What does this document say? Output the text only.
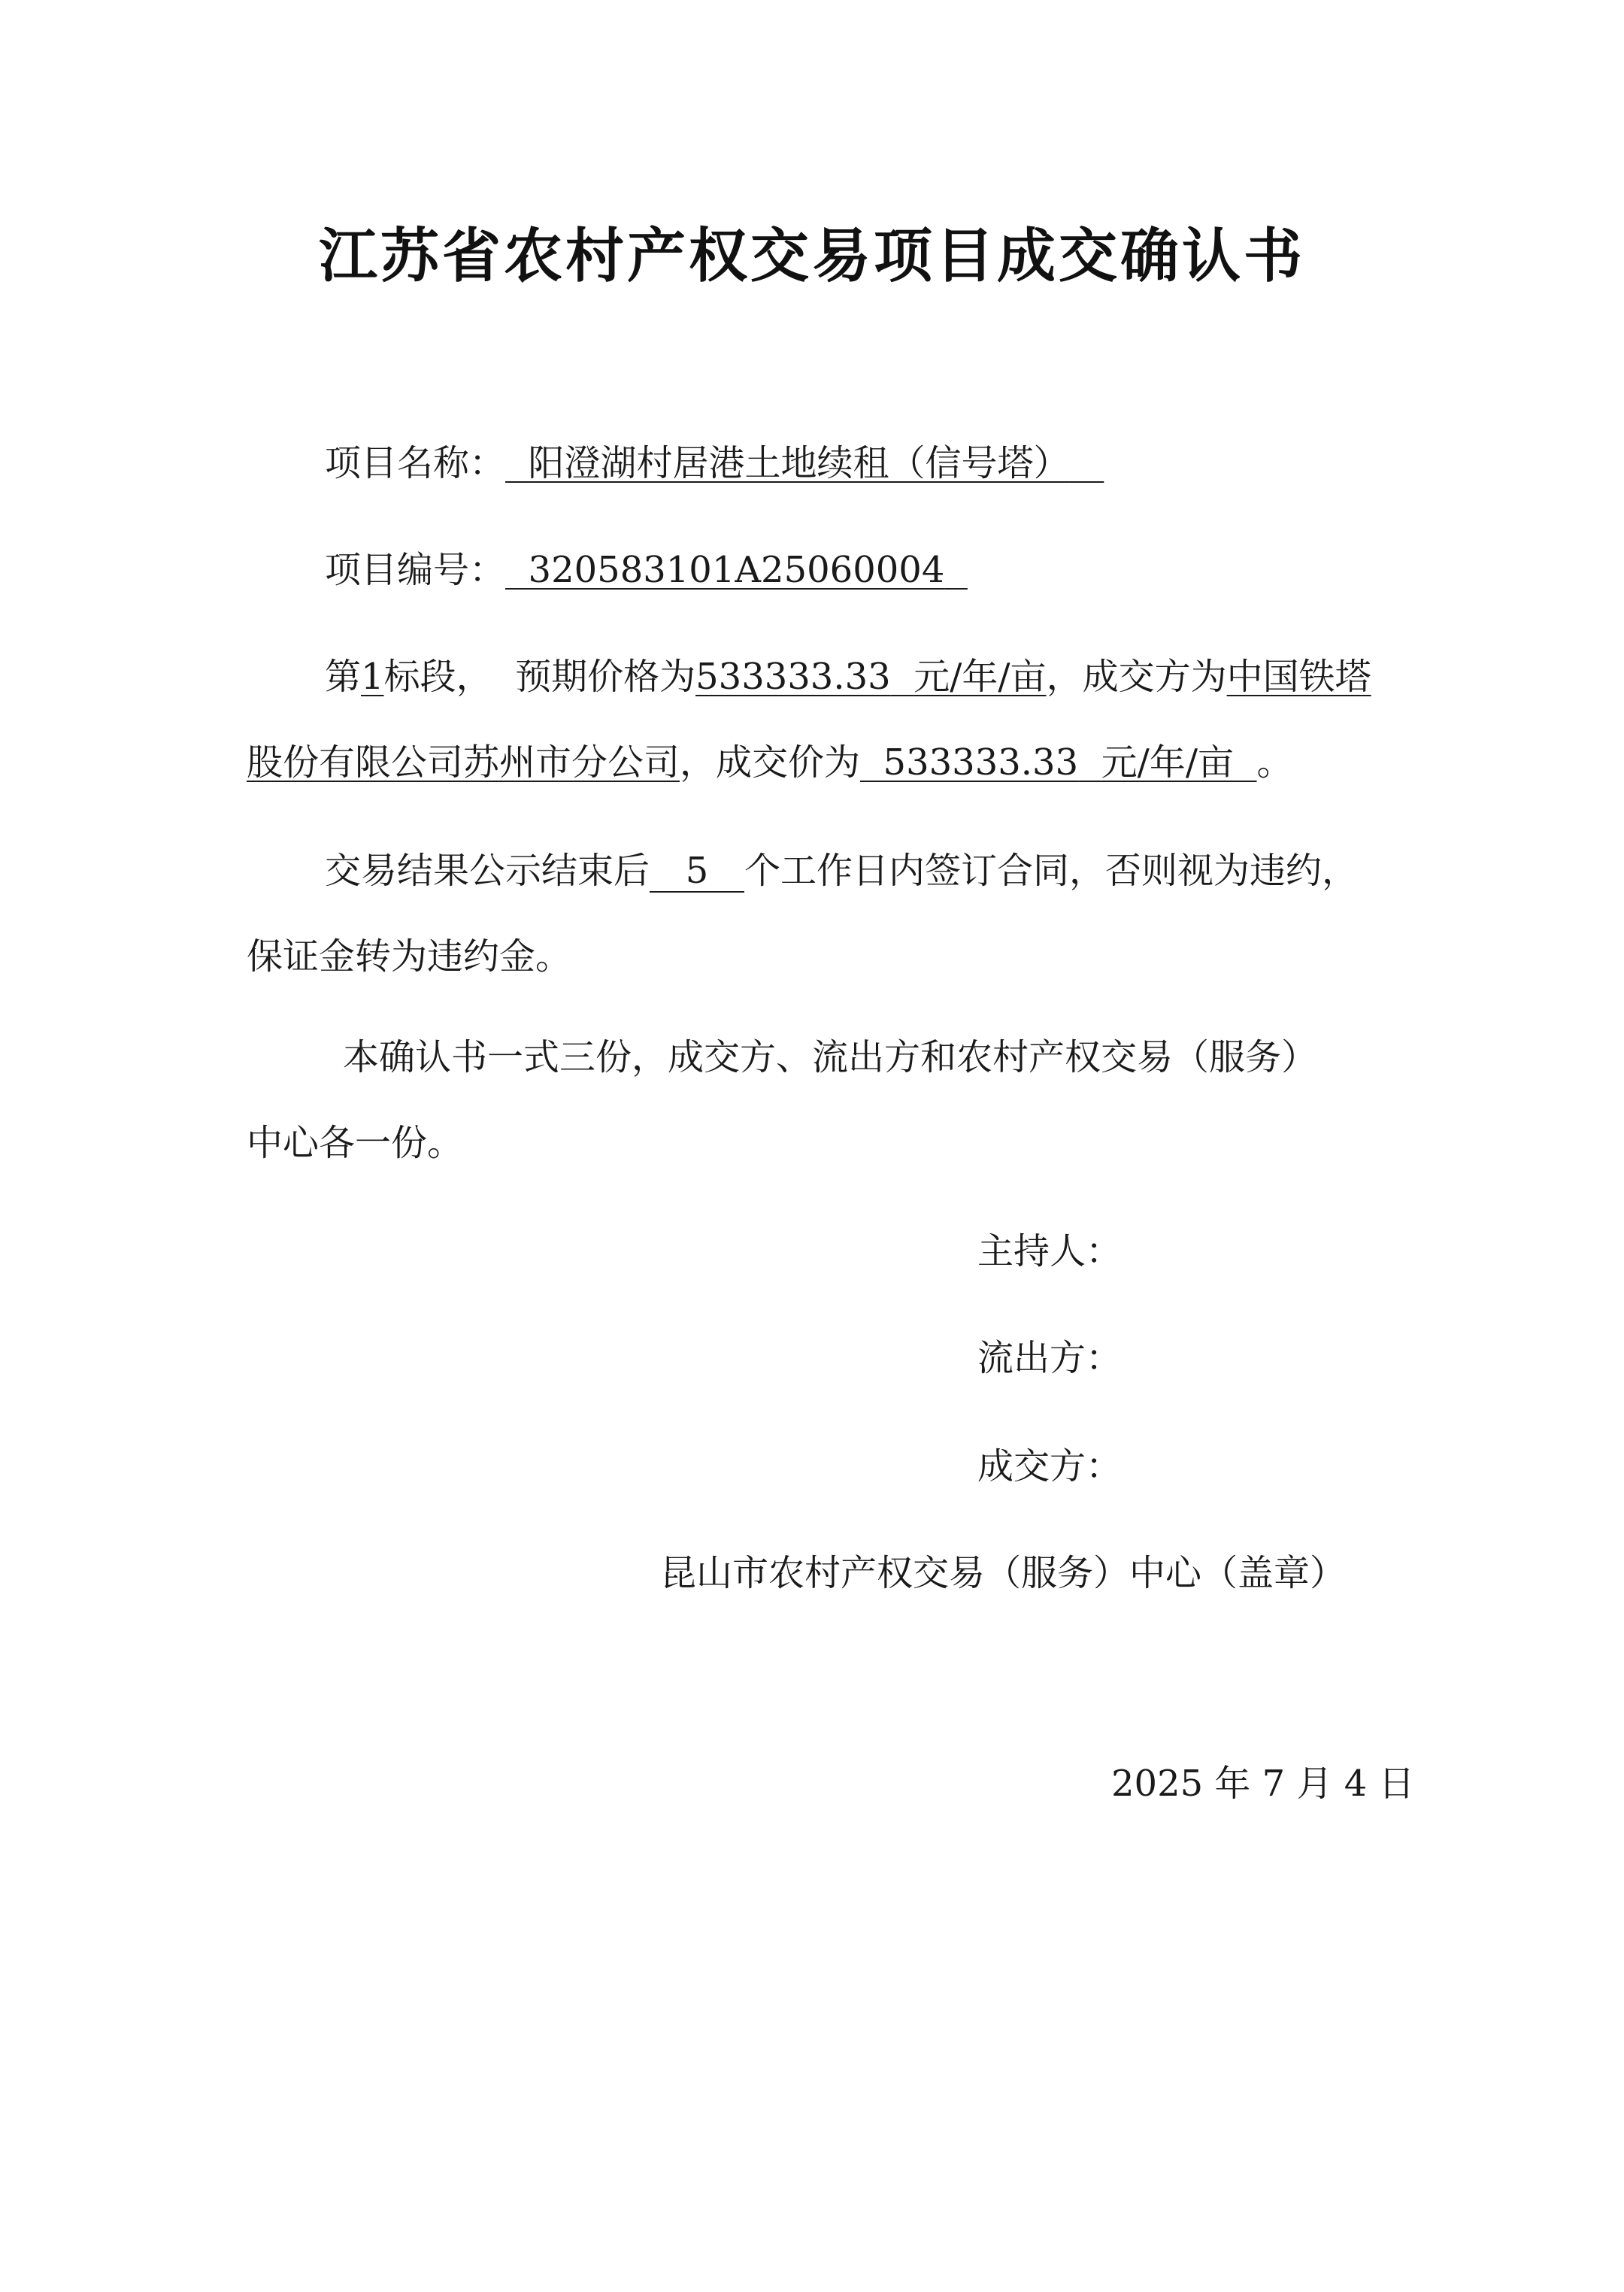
江苏省农村产权交易项目成交确认书
项目名称： 阳澄湖村居港土地续租（信号塔）
项目编号： 320583101A25060004
第1标段， 预期价格为533333.33 元/年/亩，成交方为中国铁塔
股份有限公司苏州市分公司，成交价为 533333.33 元/年/亩 。
交易结果公示结束后 5 个工作日内签订合同，否则视为违约，
保证金转为违约金。
本确认书一式三份，成交方、流出方和农村产权交易（服务）
中心各一份。
主持人：
流出方：
成交方：
昆山市农村产权交易（服务）中心（盖章）
2025 年 7 月 4 日
